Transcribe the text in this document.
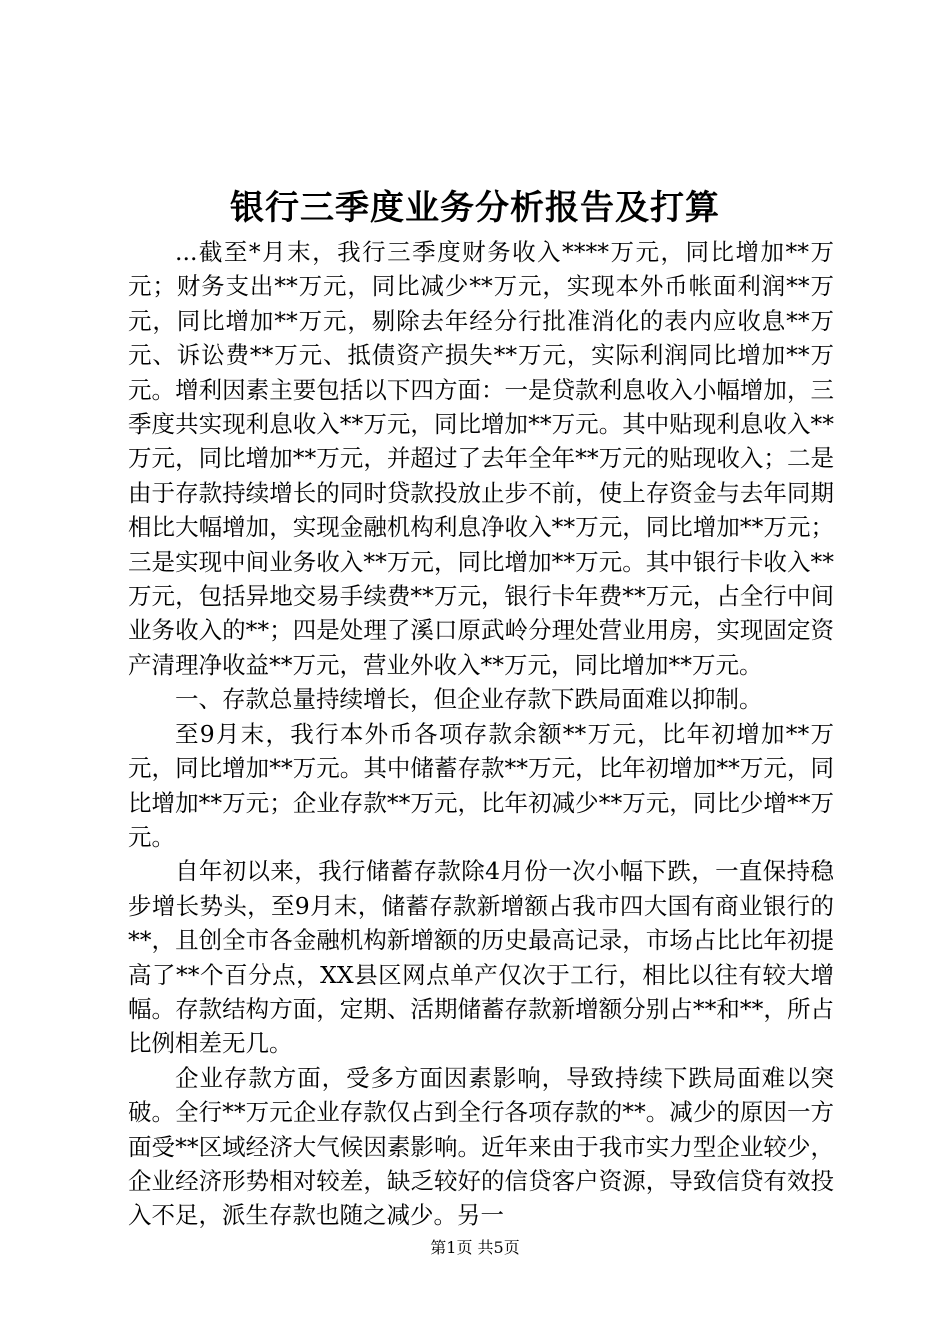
银行三季度业务分析报告及打算

...截至*月末，我行三季度财务收入****万元，同比增加**万元；财务支出**万元，同比减少**万元，实现本外币帐面利润**万元，同比增加**万元，剔除去年经分行批准消化的表内应收息**万元、诉讼费**万元、抵债资产损失**万元，实际利润同比增加**万元。增利因素主要包括以下四方面：一是贷款利息收入小幅增加，三季度共实现利息收入**万元，同比增加**万元。其中贴现利息收入**万元，同比增加**万元，并超过了去年全年**万元的贴现收入；二是由于存款持续增长的同时贷款投放止步不前，使上存资金与去年同期相比大幅增加，实现金融机构利息净收入**万元，同比增加**万元；三是实现中间业务收入**万元，同比增加**万元。其中银行卡收入**万元，包括异地交易手续费**万元，银行卡年费**万元，占全行中间业务收入的**；四是处理了溪口原武岭分理处营业用房，实现固定资产清理净收益**万元，营业外收入**万元，同比增加**万元。

一、存款总量持续增长，但企业存款下跌局面难以抑制。

至9月末，我行本外币各项存款余额**万元，比年初增加**万元，同比增加**万元。其中储蓄存款**万元，比年初增加**万元，同比增加**万元；企业存款**万元，比年初减少**万元，同比少增**万元。

自年初以来，我行储蓄存款除4月份一次小幅下跌，一直保持稳步增长势头，至9月末，储蓄存款新增额占我市四大国有商业银行的**，且创全市各金融机构新增额的历史最高记录，市场占比比年初提高了**个百分点，XX县区网点单产仅次于工行，相比以往有较大增幅。存款结构方面，定期、活期储蓄存款新增额分别占**和**，所占比例相差无几。

企业存款方面，受多方面因素影响，导致持续下跌局面难以突破。全行**万元企业存款仅占到全行各项存款的**。减少的原因一方面受**区域经济大气候因素影响。近年来由于我市实力型企业较少，企业经济形势相对较差，缺乏较好的信贷客户资源，导致信贷有效投入不足，派生存款也随之减少。另一

第1页 共5页
